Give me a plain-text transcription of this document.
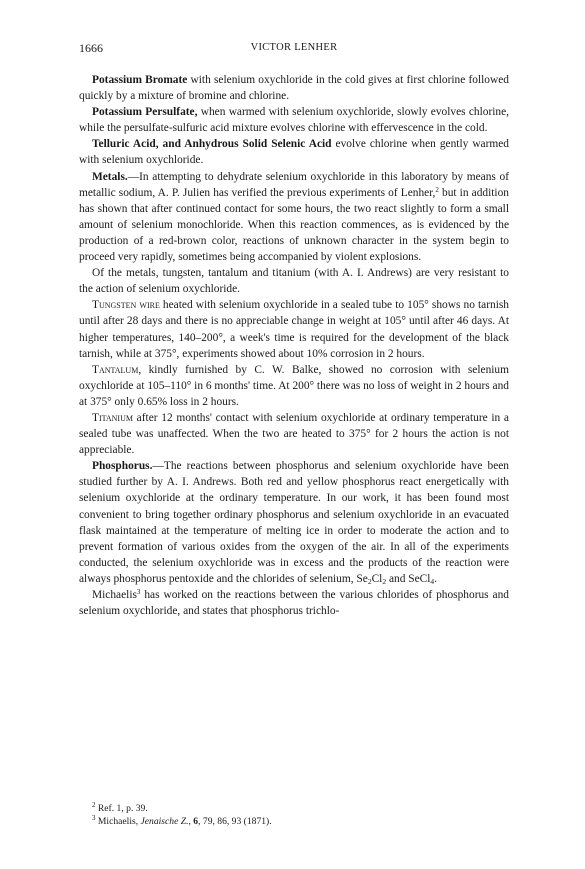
1666	VICTOR LENHER

Potassium Bromate with selenium oxychloride in the cold gives at first chlorine followed quickly by a mixture of bromine and chlorine.

Potassium Persulfate, when warmed with selenium oxychloride, slowly evolves chlorine, while the persulfate-sulfuric acid mixture evolves chlorine with effervescence in the cold.

Telluric Acid, and Anhydrous Solid Selenic Acid evolve chlorine when gently warmed with selenium oxychloride.

Metals.—In attempting to dehydrate selenium oxychloride in this laboratory by means of metallic sodium, A. P. Julien has verified the previous experiments of Lenher,$^2$ but in addition has shown that after continued contact for some hours, the two react slightly to form a small amount of selenium monochloride. When this reaction commences, as is evidenced by the production of a red-brown color, reactions of unknown character in the system begin to proceed very rapidly, sometimes being accompanied by violent explosions.

Of the metals, tungsten, tantalum and titanium (with A. I. Andrews) are very resistant to the action of selenium oxychloride.

Tungsten wire heated with selenium oxychloride in a sealed tube to 105° shows no tarnish until after 28 days and there is no appreciable change in weight at 105° until after 46 days. At higher temperatures, 140–200°, a week's time is required for the development of the black tarnish, while at 375°, experiments showed about 10% corrosion in 2 hours.

Tantalum, kindly furnished by C. W. Balke, showed no corrosion with selenium oxychloride at 105–110° in 6 months' time. At 200° there was no loss of weight in 2 hours and at 375° only 0.65% loss in 2 hours.

Titanium after 12 months' contact with selenium oxychloride at ordinary temperature in a sealed tube was unaffected. When the two are heated to 375° for 2 hours the action is not appreciable.

Phosphorus.—The reactions between phosphorus and selenium oxychloride have been studied further by A. I. Andrews. Both red and yellow phosphorus react energetically with selenium oxychloride at the ordinary temperature. In our work, it has been found most convenient to bring together ordinary phosphorus and selenium oxychloride in an evacuated flask maintained at the temperature of melting ice in order to moderate the action and to prevent formation of various oxides from the oxygen of the air. In all of the experiments conducted, the selenium oxychloride was in excess and the products of the reaction were always phosphorus pentoxide and the chlorides of selenium, $Se_2Cl_2$ and SeCl$_4$.

Michaelis$^3$ has worked on the reactions between the various chlorides of phosphorus and selenium oxychloride, and states that phosphorus trichlo-

$^2$ Ref. 1, p. 39.
$^3$ Michaelis, Jenaische Z., 6, 79, 86, 93 (1871).
